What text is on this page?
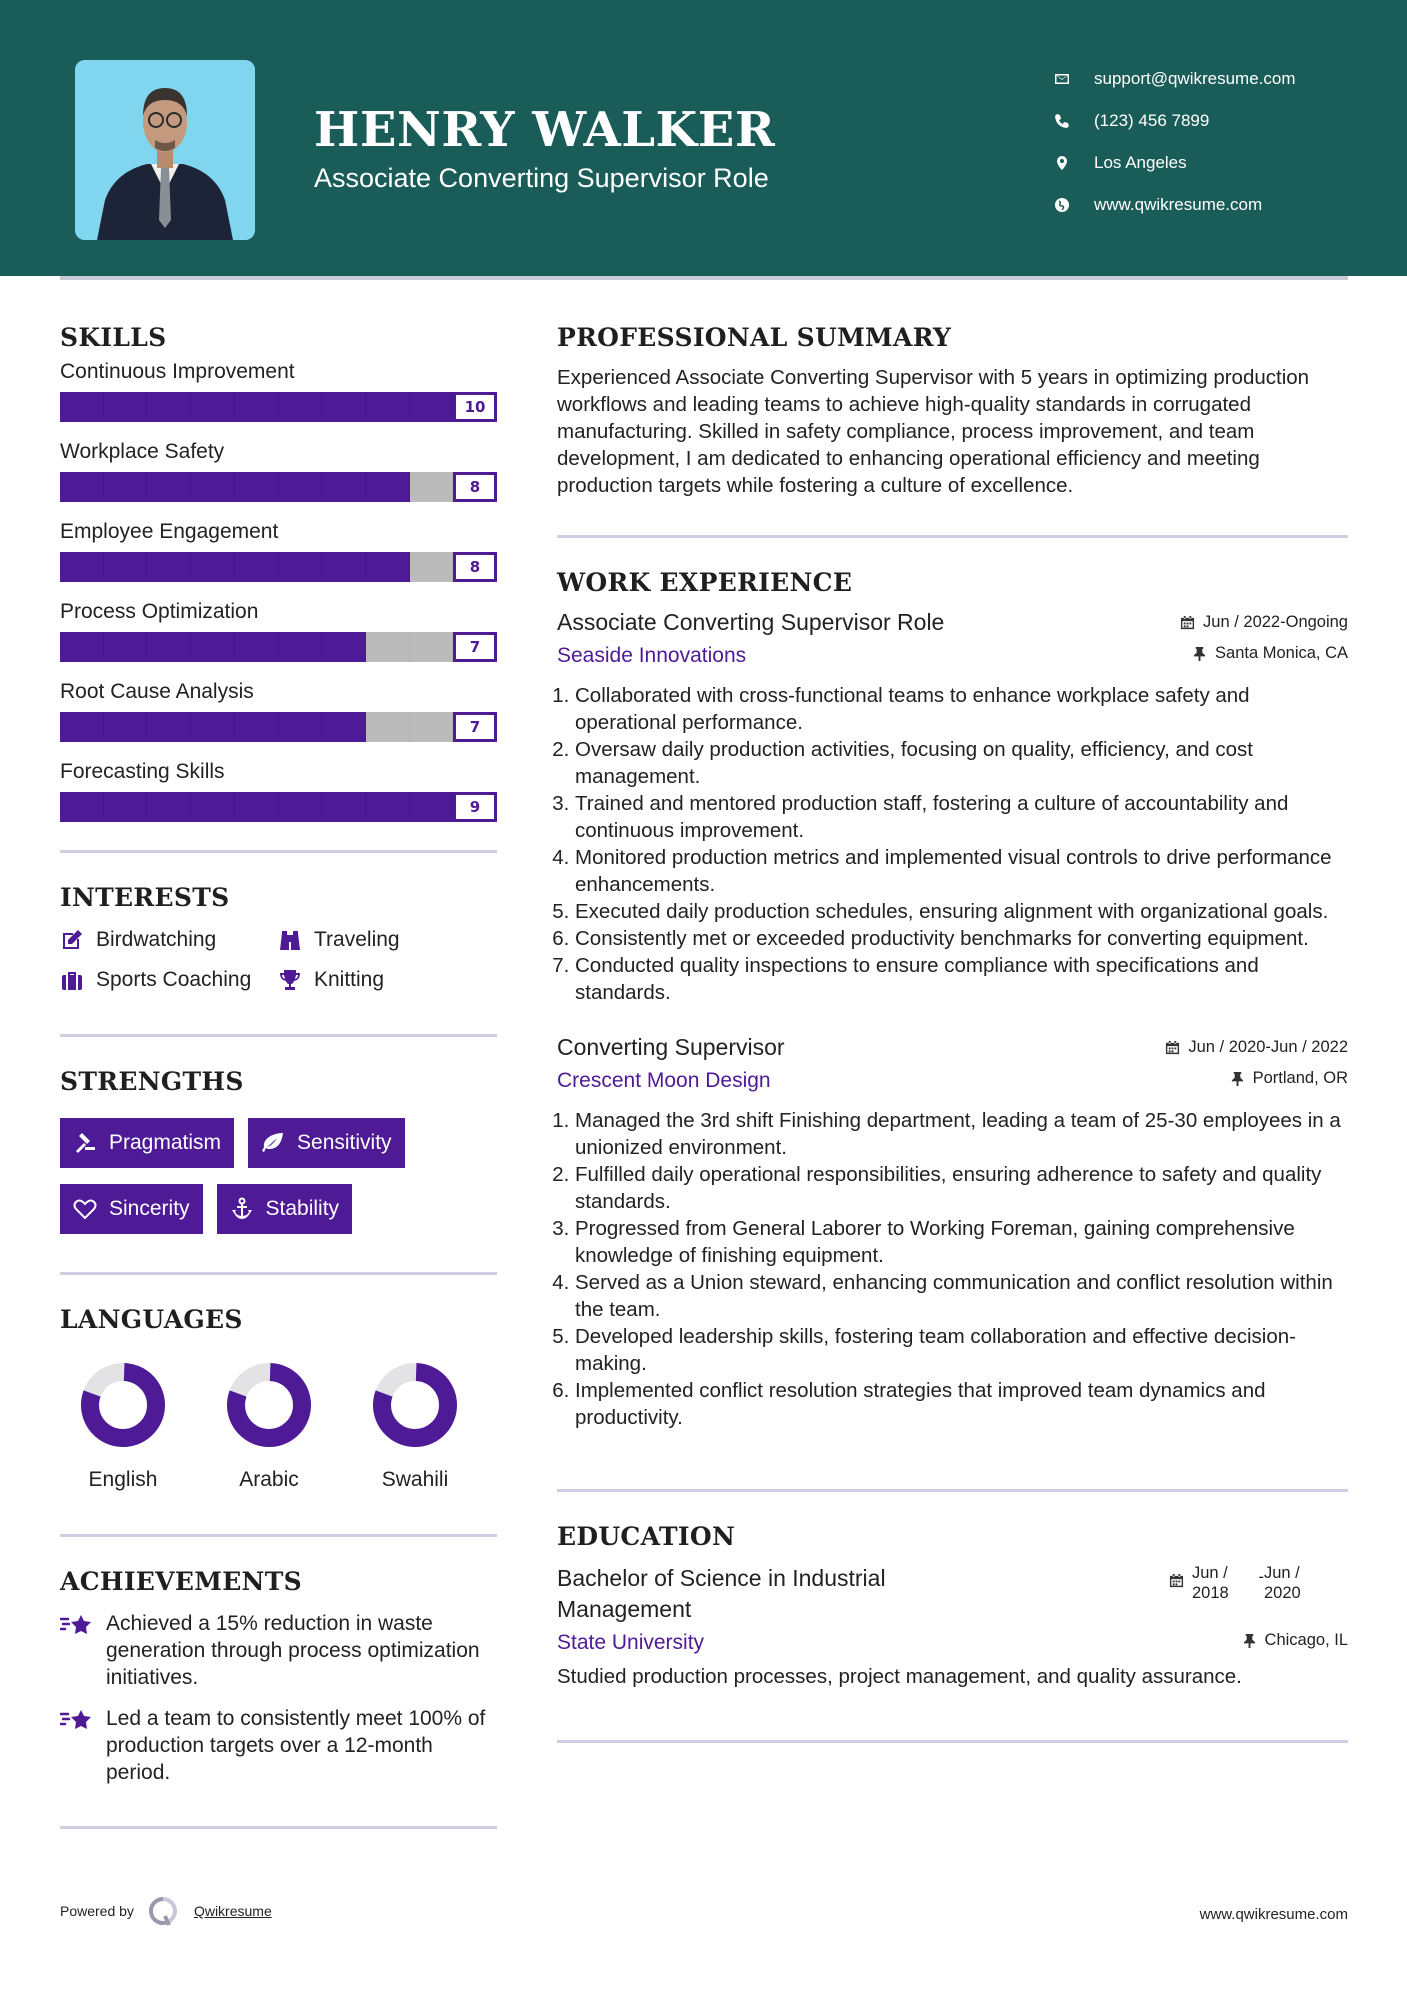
HENRY WALKER
Associate Converting Supervisor Role
support@qwikresume.com
(123) 456 7899
Los Angeles
www.qwikresume.com
SKILLS
Continuous Improvement
10
Workplace Safety
8
Employee Engagement
8
Process Optimization
7
Root Cause Analysis
7
Forecasting Skills
9
INTERESTS
Birdwatching	Traveling
Sports Coaching	Knitting
STRENGTHS
Pragmatism	Sensitivity
Sincerity	Stability
LANGUAGES
English	Arabic	Swahili
ACHIEVEMENTS
Achieved a 15% reduction in waste generation through process optimization initiatives.
Led a team to consistently meet 100% of production targets over a 12-month period.
PROFESSIONAL SUMMARY
Experienced Associate Converting Supervisor with 5 years in optimizing production workflows and leading teams to achieve high-quality standards in corrugated manufacturing. Skilled in safety compliance, process improvement, and team development, I am dedicated to enhancing operational efficiency and meeting production targets while fostering a culture of excellence.
WORK EXPERIENCE
Associate Converting Supervisor Role	Jun / 2022-Ongoing
Seaside Innovations	Santa Monica, CA
1. Collaborated with cross-functional teams to enhance workplace safety and operational performance.
2. Oversaw daily production activities, focusing on quality, efficiency, and cost management.
3. Trained and mentored production staff, fostering a culture of accountability and continuous improvement.
4. Monitored production metrics and implemented visual controls to drive performance enhancements.
5. Executed daily production schedules, ensuring alignment with organizational goals.
6. Consistently met or exceeded productivity benchmarks for converting equipment.
7. Conducted quality inspections to ensure compliance with specifications and standards.
Converting Supervisor	Jun / 2020-Jun / 2022
Crescent Moon Design	Portland, OR
1. Managed the 3rd shift Finishing department, leading a team of 25-30 employees in a unionized environment.
2. Fulfilled daily operational responsibilities, ensuring adherence to safety and quality standards.
3. Progressed from General Laborer to Working Foreman, gaining comprehensive knowledge of finishing equipment.
4. Served as a Union steward, enhancing communication and conflict resolution within the team.
5. Developed leadership skills, fostering team collaboration and effective decision-making.
6. Implemented conflict resolution strategies that improved team dynamics and productivity.
EDUCATION
Bachelor of Science in Industrial Management
Jun / 2018
- Jun / 2020
State University	Chicago, IL
Studied production processes, project management, and quality assurance.
Powered by	Qwikresume	www.qwikresume.com
